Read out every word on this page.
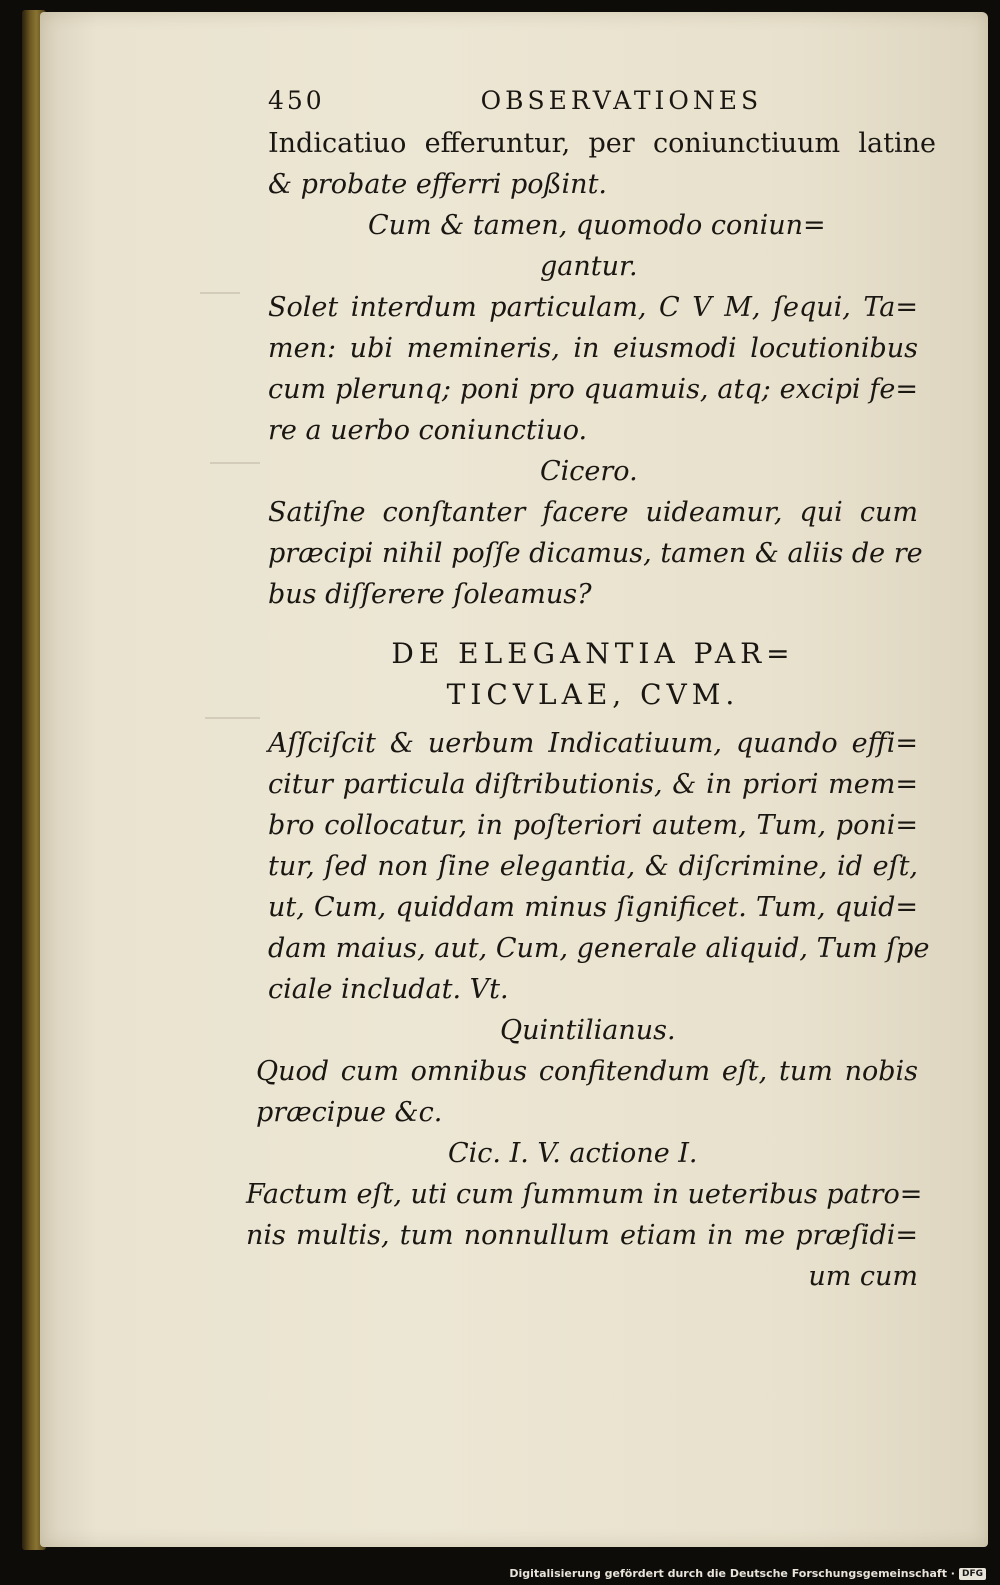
450	OBSERVATIONES
Indicatiuo efferuntur, per coniunctiuum latine
& probate efferri poßint.
Cum & tamen, quomodo coniun=
gantur.
Solet interdum particulam, C V M, ſequi, Ta=
men: ubi memineris, in eiusmodi locutionibus
cum plerunq; poni pro quamuis, atq; excipi fe=
re a uerbo coniunctiuo.
Cicero.
Satiſne conſtanter facere uideamur, qui cum
præcipi nihil poſſe dicamus, tamen & aliis de re
bus diſſerere ſoleamus?
DE ELEGANTIA PAR=
TICVLAE, CVM.
Aſſciſcit & uerbum Indicatiuum, quando effi=
citur particula diſtributionis, & in priori mem=
bro collocatur, in poſteriori autem, Tum, poni=
tur, ſed non ſine elegantia, & diſcrimine, id eſt,
ut, Cum, quiddam minus ſignificet. Tum, quid=
dam maius, aut, Cum, generale aliquid, Tum ſpe
ciale includat. Vt.
Quintilianus.
Quod cum omnibus confitendum eſt, tum nobis
præcipue &c.
Cic. I. V. actione I.
Factum eſt, uti cum ſummum in ueteribus patro=
nis multis, tum nonnullum etiam in me præſidi=
um cum
Digitalisierung gefördert durch die Deutsche Forschungsgemeinschaft · DFG
